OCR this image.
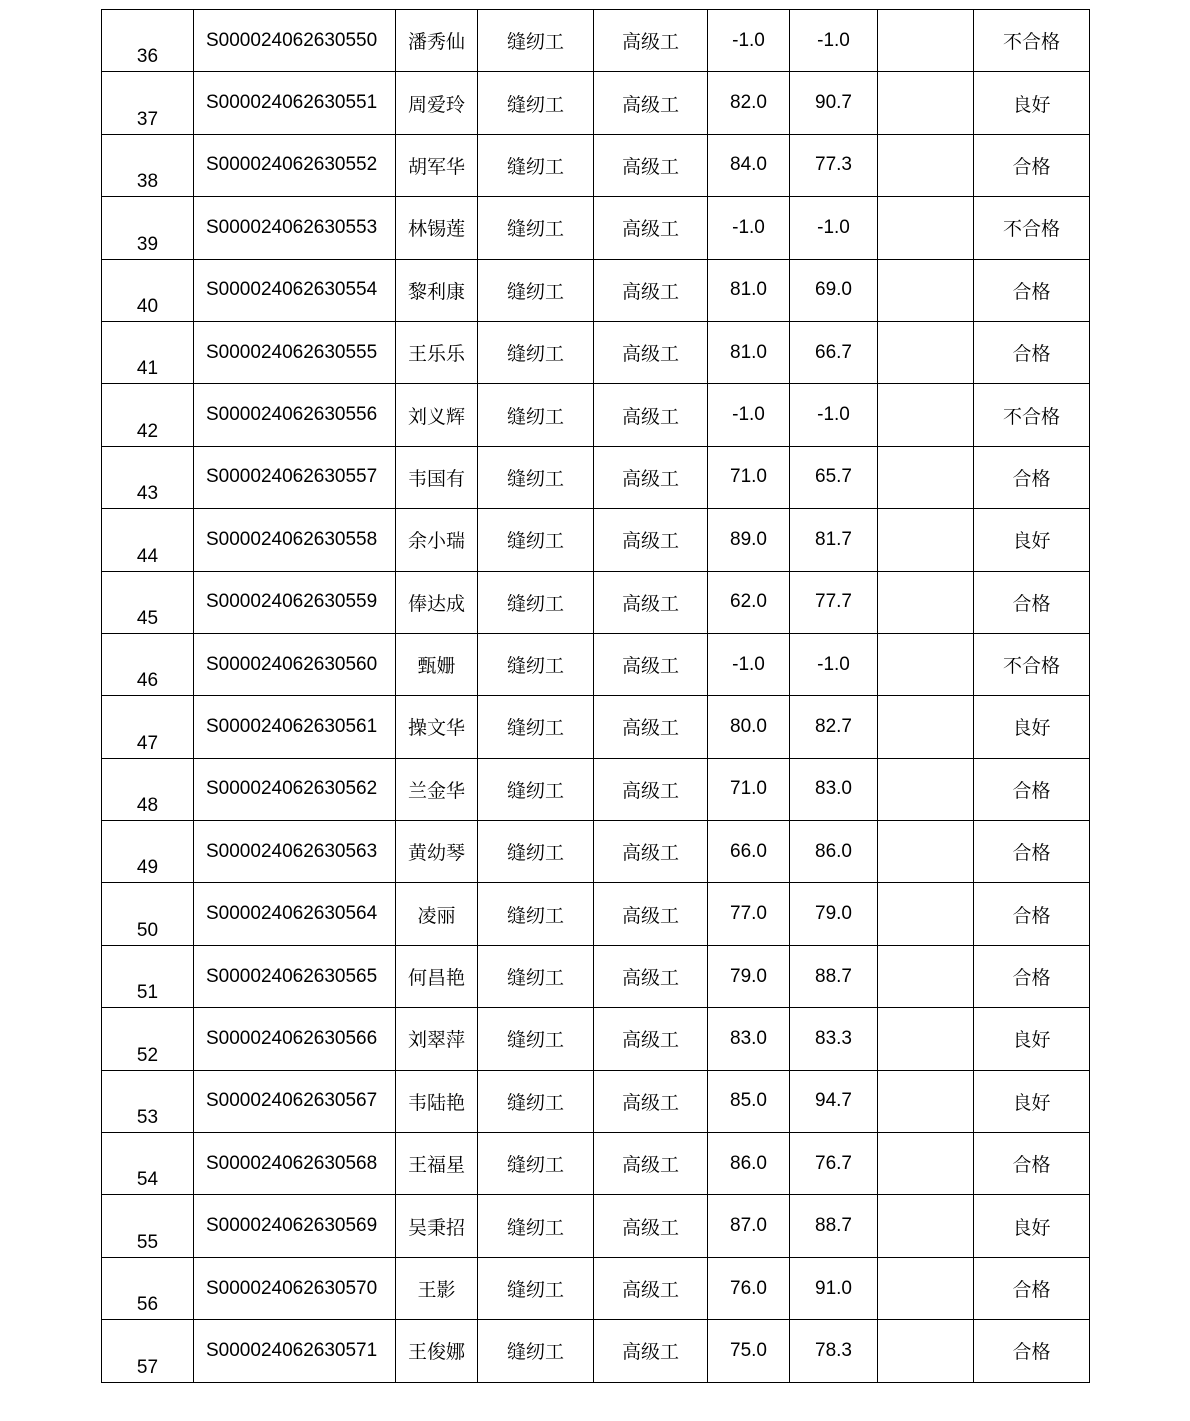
36	S000024062630550	潘秀仙	缝纫工	高级工	-1.0	-1.0		不合格
37	S000024062630551	周爱玲	缝纫工	高级工	82.0	90.7		良好
38	S000024062630552	胡军华	缝纫工	高级工	84.0	77.3		合格
39	S000024062630553	林锡莲	缝纫工	高级工	-1.0	-1.0		不合格
40	S000024062630554	黎利康	缝纫工	高级工	81.0	69.0		合格
41	S000024062630555	王乐乐	缝纫工	高级工	81.0	66.7		合格
42	S000024062630556	刘义辉	缝纫工	高级工	-1.0	-1.0		不合格
43	S000024062630557	韦国有	缝纫工	高级工	71.0	65.7		合格
44	S000024062630558	余小瑞	缝纫工	高级工	89.0	81.7		良好
45	S000024062630559	俸达成	缝纫工	高级工	62.0	77.7		合格
46	S000024062630560	甄姗	缝纫工	高级工	-1.0	-1.0		不合格
47	S000024062630561	操文华	缝纫工	高级工	80.0	82.7		良好
48	S000024062630562	兰金华	缝纫工	高级工	71.0	83.0		合格
49	S000024062630563	黄幼琴	缝纫工	高级工	66.0	86.0		合格
50	S000024062630564	凌丽	缝纫工	高级工	77.0	79.0		合格
51	S000024062630565	何昌艳	缝纫工	高级工	79.0	88.7		合格
52	S000024062630566	刘翠萍	缝纫工	高级工	83.0	83.3		良好
53	S000024062630567	韦陆艳	缝纫工	高级工	85.0	94.7		良好
54	S000024062630568	王福星	缝纫工	高级工	86.0	76.7		合格
55	S000024062630569	吴秉招	缝纫工	高级工	87.0	88.7		良好
56	S000024062630570	王影	缝纫工	高级工	76.0	91.0		合格
57	S000024062630571	王俊娜	缝纫工	高级工	75.0	78.3		合格
